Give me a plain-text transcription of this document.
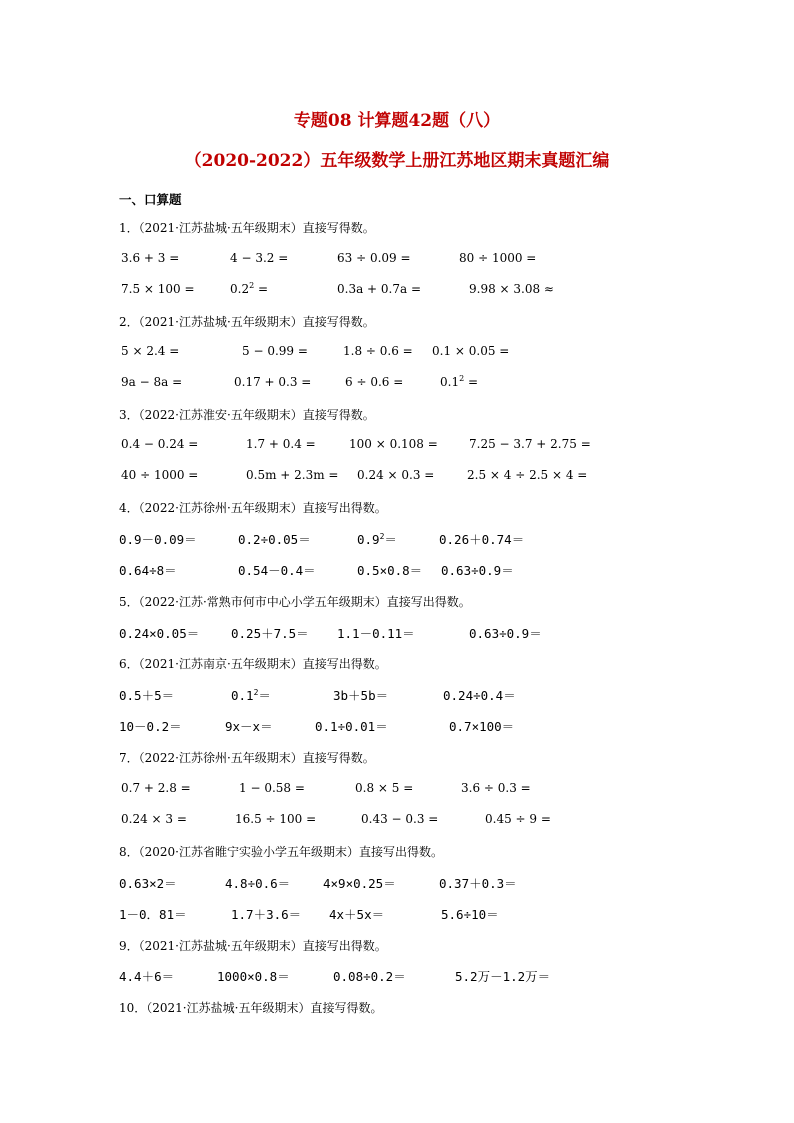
专题08 计算题42题（八）
（2020-2022）五年级数学上册江苏地区期末真题汇编
一、口算题
1．（2021·江苏盐城·五年级期末）直接写得数。
3.6 + 3 =	4 − 3.2 =	63 ÷ 0.09 =	80 ÷ 1000 =
7.5 × 100 =	$0.2^2$ =	0.3a + 0.7a =	9.98 × 3.08 ≈
2．（2021·江苏盐城·五年级期末）直接写得数。
5 × 2.4 =	5 − 0.99 =	1.8 ÷ 0.6 = 0.1 × 0.05 =
9a − 8a =	0.17 + 0.3 =	6 ÷ 0.6 =	$0.1^2$ =
3．（2022·江苏淮安·五年级期末）直接写得数。
0.4 − 0.24 =	1.7 + 0.4 =	100 × 0.108 =	7.25 − 3.7 + 2.75 =
40 ÷ 1000 =	0.5m + 2.3m = 0.24 × 0.3 =	2.5 × 4 ÷ 2.5 × 4 =
4．（2022·江苏徐州·五年级期末）直接写出得数。
0.9－0.09＝	0.2÷0.05＝	$0.9^2=$	0.26＋0.74＝
0.64÷8＝	0.54－0.4＝	0.5×0.8＝ 0.63÷0.9＝
5．（2022·江苏·常熟市何市中心小学五年级期末）直接写出得数。
0.24×0.05＝	0.25＋7.5＝ 1.1－0.11＝	0.63÷0.9＝
6．（2021·江苏南京·五年级期末）直接写出得数。
0.5＋5＝	$0.1^2=$	3b＋5b＝	0.24÷0.4＝
10－0.2＝	9x－x＝	0.1÷0.01＝	0.7×100＝
7．（2022·江苏徐州·五年级期末）直接写得数。
0.7 + 2.8 =	1 − 0.58 =	0.8 × 5 =	3.6 ÷ 0.3 =
0.24 × 3 =	16.5 ÷ 100 =	0.43 − 0.3 =	0.45 ÷ 9 =
8．（2020·江苏省睢宁实验小学五年级期末）直接写出得数。
0.63×2＝	4.8÷0.6＝	4×9×0.25＝	0.37＋0.3＝
1－0．81＝	1.7＋3.6＝ 4x＋5x＝	5.6÷10＝
9．（2021·江苏盐城·五年级期末）直接写出得数。
4.4＋6＝	1000×0.8＝	0.08÷0.2＝	5.2万－1.2万＝
10．（2021·江苏盐城·五年级期末）直接写得数。
